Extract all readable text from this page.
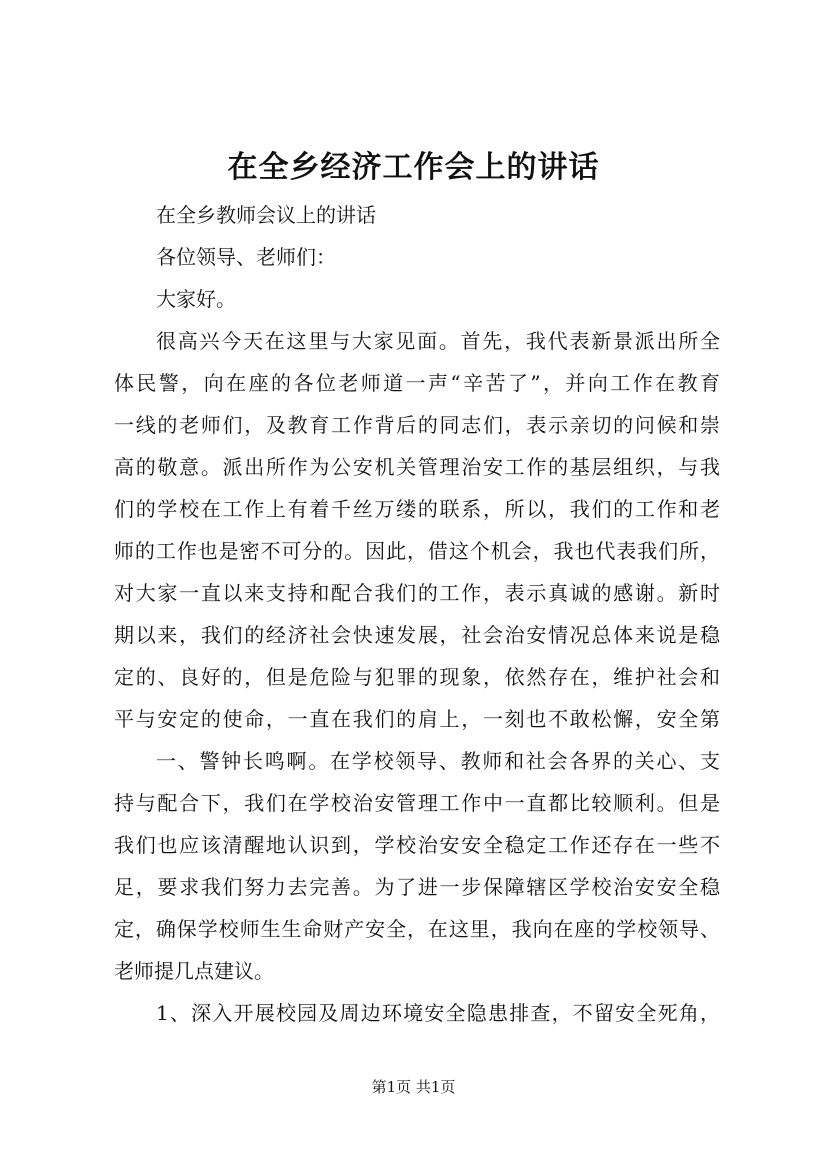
在全乡经济工作会上的讲话
在全乡教师会议上的讲话
各位领导、老师们：
大家好。
很高兴今天在这里与大家见面。首先，我代表新景派出所全
体民警，向在座的各位老师道一声“辛苦了”，并向工作在教育
一线的老师们，及教育工作背后的同志们，表示亲切的问候和崇
高的敬意。派出所作为公安机关管理治安工作的基层组织，与我
们的学校在工作上有着千丝万缕的联系，所以，我们的工作和老
师的工作也是密不可分的。因此，借这个机会，我也代表我们所，
对大家一直以来支持和配合我们的工作，表示真诚的感谢。新时
期以来，我们的经济社会快速发展，社会治安情况总体来说是稳
定的、良好的，但是危险与犯罪的现象，依然存在，维护社会和
平与安定的使命，一直在我们的肩上，一刻也不敢松懈，安全第
一、警钟长鸣啊。在学校领导、教师和社会各界的关心、支
持与配合下，我们在学校治安管理工作中一直都比较顺利。但是
我们也应该清醒地认识到，学校治安安全稳定工作还存在一些不
足，要求我们努力去完善。为了进一步保障辖区学校治安安全稳
定，确保学校师生生命财产安全，在这里，我向在座的学校领导、
老师提几点建议。
1、深入开展校园及周边环境安全隐患排查，不留安全死角，
第1页 共1页
